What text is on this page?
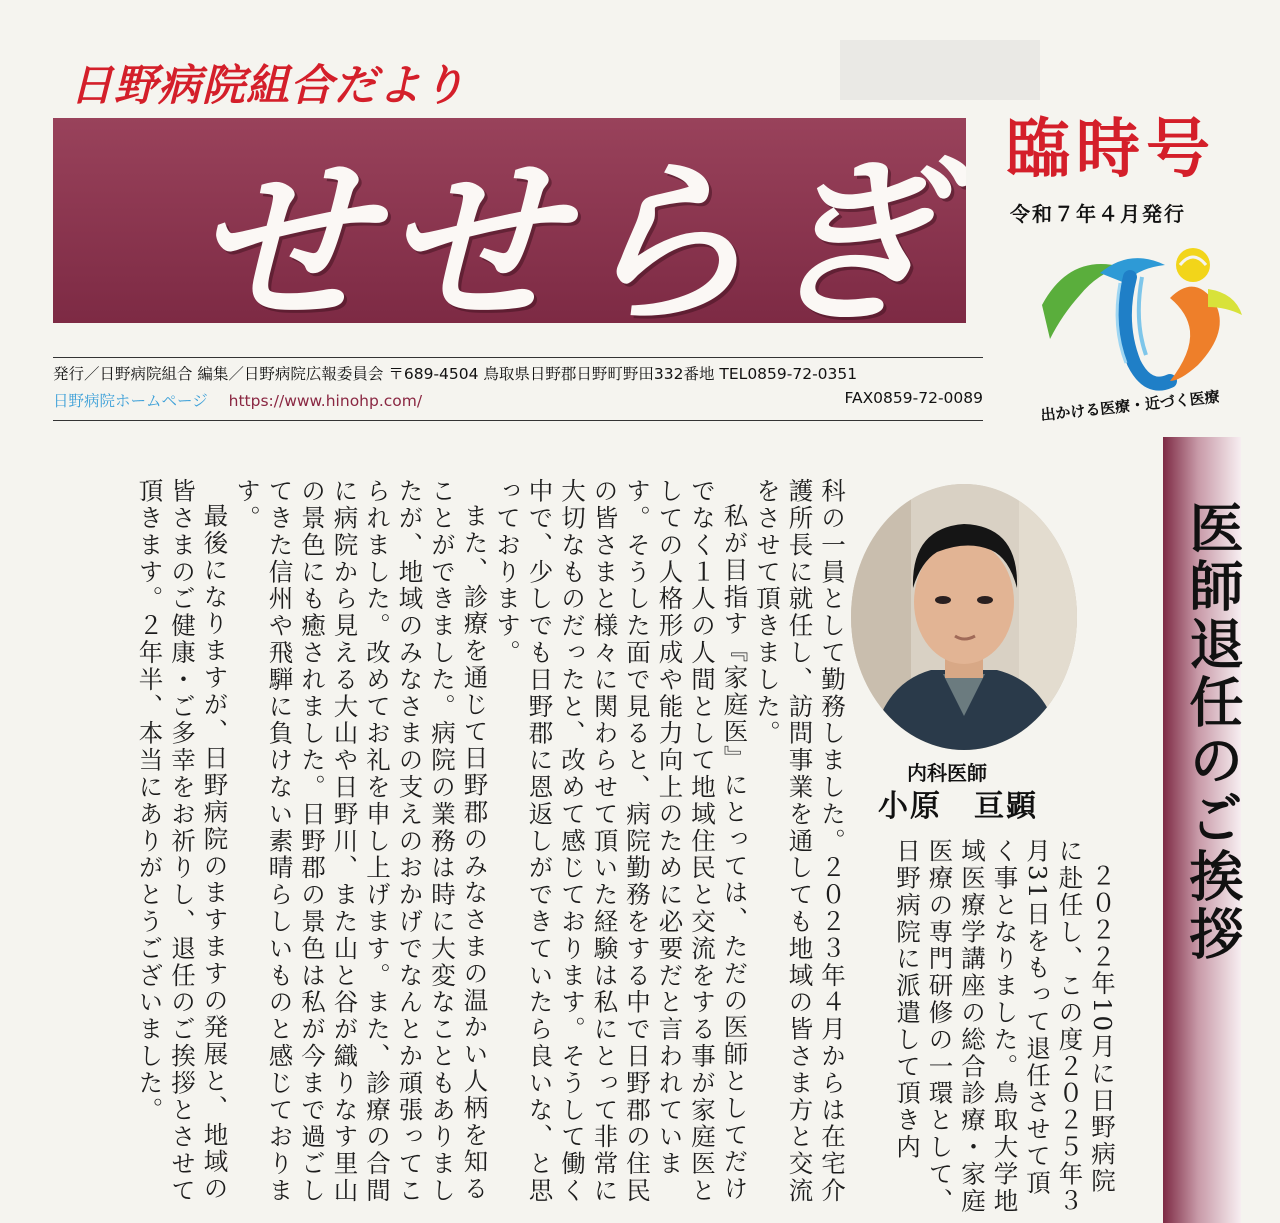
日野病院組合だより
せせらぎ 臨時号
令和７年４月発行
出かける医療・近づく医療
発行／日野病院組合 編集／日野病院広報委員会 〒689-4504 鳥取県日野郡日野町野田332番地 TEL0859-72-0351
日野病院ホームページ https://www.hinohp.com/	FAX0859-72-0089
医師退任のご挨拶
内科医師
小原　亘顕
２０２２年10月に日野病院に赴任し、この度２０２５年３月31日をもって退任させて頂く事となりました。鳥取大学地域医療学講座の総合診療・家庭医療の専門研修の一環として、日野病院に派遣して頂き内

科の一員として勤務しました。２０２３年４月からは在宅介護所長に就任し、訪問事業を通しても地域の皆さま方と交流をさせて頂きました。

私が目指す『家庭医』にとっては、ただの医師としてだけでなく１人の人間として地域住民と交流をする事が家庭医としての人格形成や能力向上のために必要だと言われています。そうした面で見ると、病院勤務をする中で日野郡の住民の皆さまと様々に関わらせて頂いた経験は私にとって非常に大切なものだったと、改めて感じております。そうして働く中で、少しでも日野郡に恩返しができていたら良いな、と思っております。

また、診療を通じて日野郡のみなさまの温かい人柄を知ることができました。病院の業務は時に大変なこともありましたが、地域のみなさまの支えのおかげでなんとか頑張ってこられました。改めてお礼を申し上げます。また、診療の合間に病院から見える大山や日野川、また山と谷が織りなす里山の景色にも癒されました。日野郡の景色は私が今まで過ごしてきた信州や飛騨に負けない素晴らしいものと感じております。

最後になりますが、日野病院のますますの発展と、地域の皆さまのご健康・ご多幸をお祈りし、退任のご挨拶とさせて頂きます。２年半、本当にありがとうございました。
